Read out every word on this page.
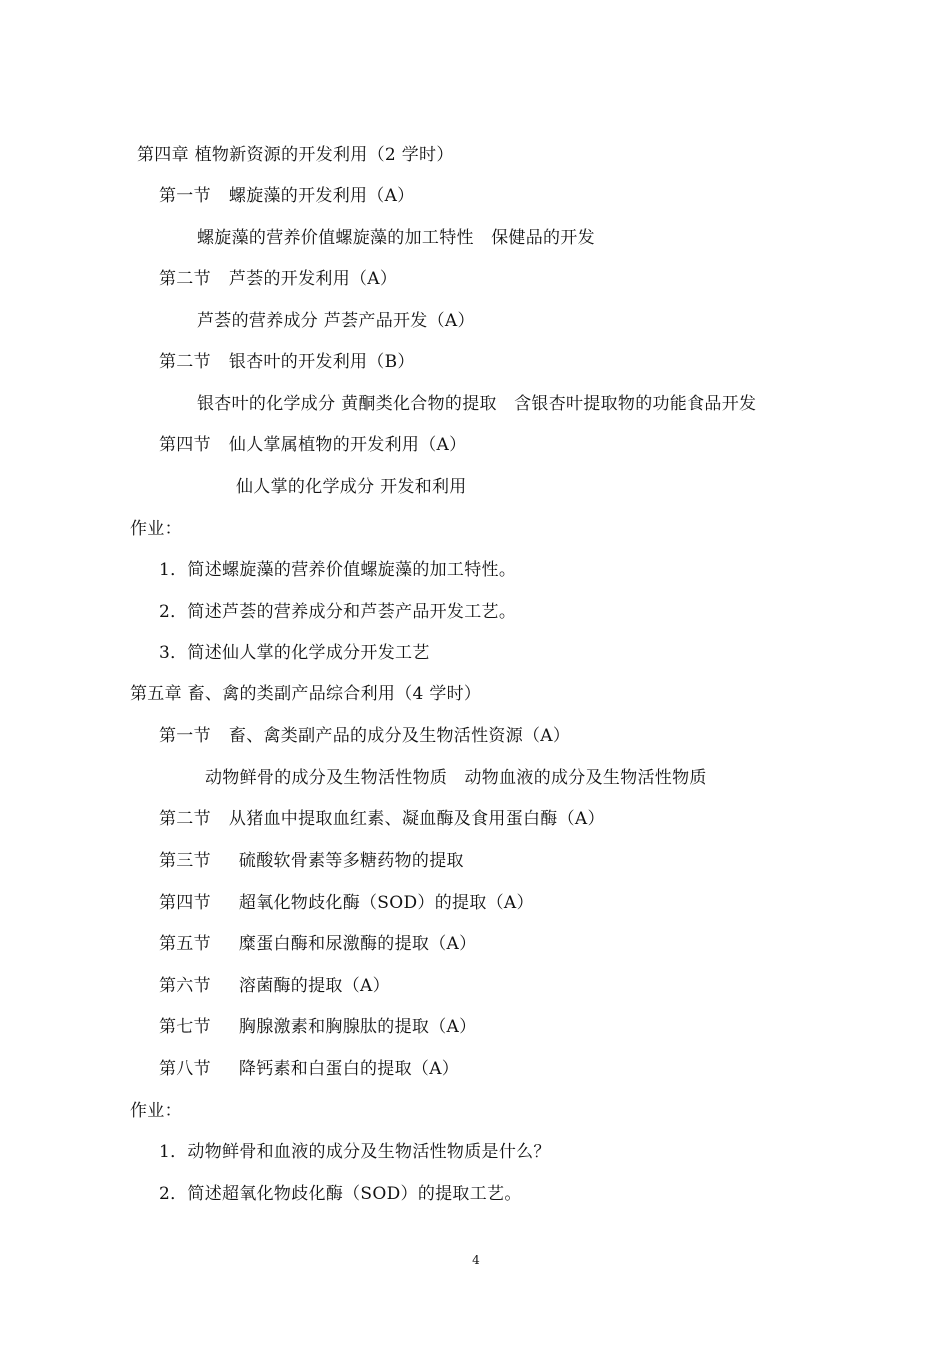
第四章 植物新资源的开发利用（2 学时）
第一节 螺旋藻的开发利用（A）
螺旋藻的营养价值螺旋藻的加工特性　保健品的开发
第二节 芦荟的开发利用（A）
芦荟的营养成分 芦荟产品开发（A）
第二节 银杏叶的开发利用（B）
银杏叶的化学成分 黄酮类化合物的提取　含银杏叶提取物的功能食品开发
第四节 仙人掌属植物的开发利用（A）
仙人掌的化学成分 开发和利用
作业：
1．简述螺旋藻的营养价值螺旋藻的加工特性。
2．简述芦荟的营养成分和芦荟产品开发工艺。
3．简述仙人掌的化学成分开发工艺
第五章 畜、禽的类副产品综合利用（4 学时）
第一节 畜、禽类副产品的成分及生物活性资源（A）
动物鲜骨的成分及生物活性物质　动物血液的成分及生物活性物质
第二节 从猪血中提取血红素、凝血酶及食用蛋白酶（A）
第三节 硫酸软骨素等多糖药物的提取
第四节 超氧化物歧化酶（SOD）的提取（A）
第五节 糜蛋白酶和尿激酶的提取（A）
第六节 溶菌酶的提取（A）
第七节 胸腺激素和胸腺肽的提取（A）
第八节 降钙素和白蛋白的提取（A）
作业：
1．动物鲜骨和血液的成分及生物活性物质是什么？
2．简述超氧化物歧化酶（SOD）的提取工艺。
4
